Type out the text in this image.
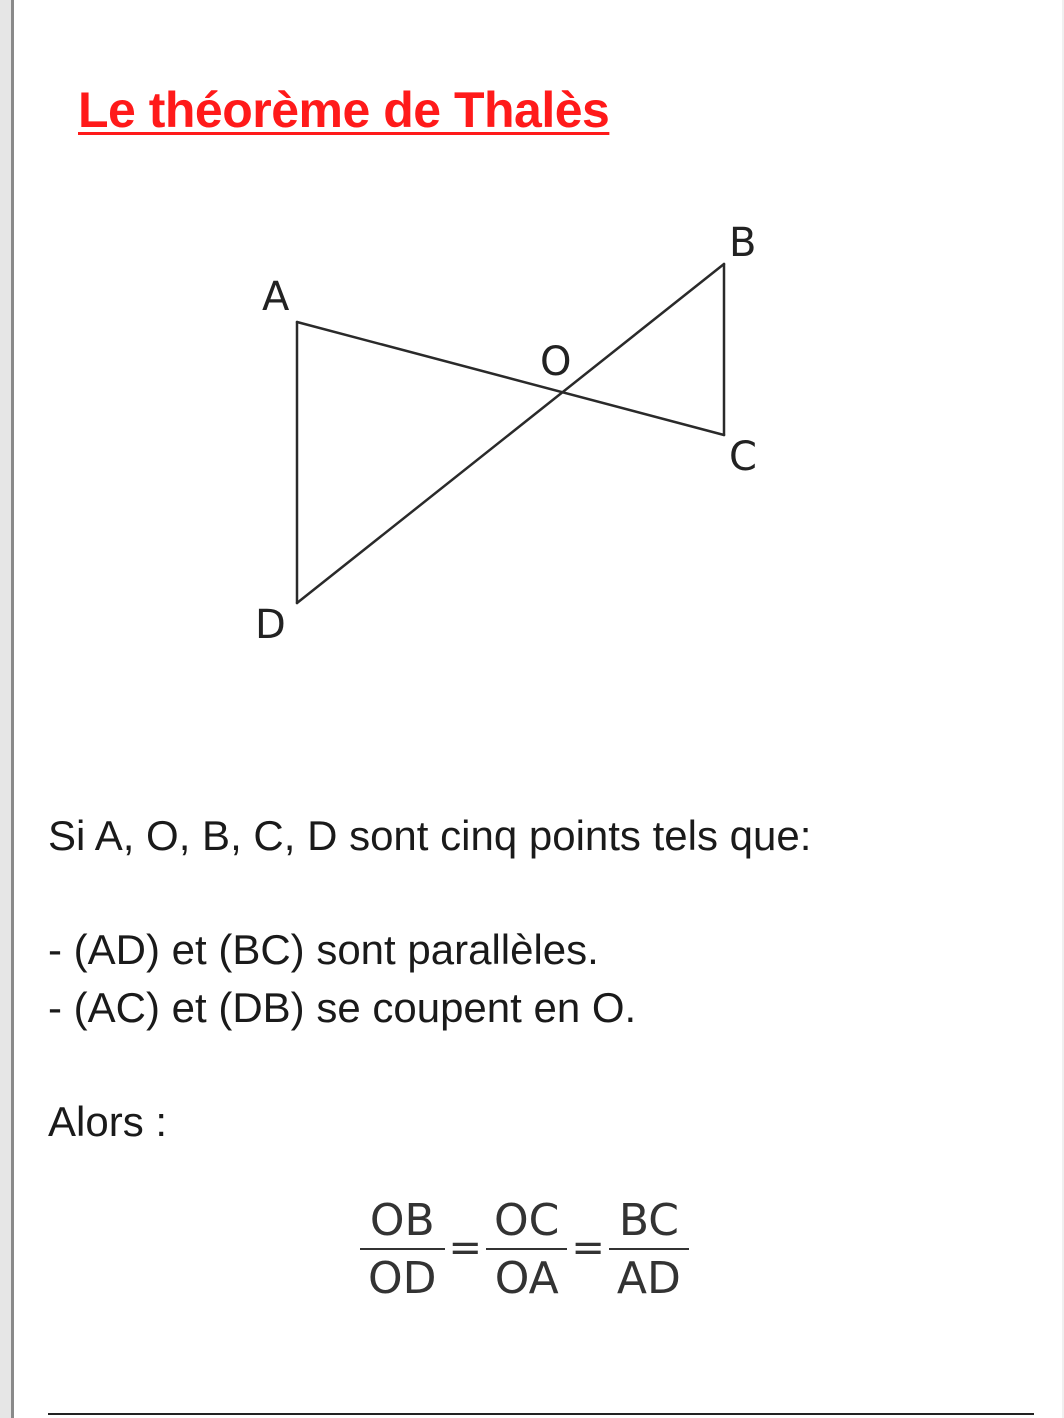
Le théorème de Thalès
A
B
C
D
O

Si A, O, B, C, D sont cinq points tels que:

- (AD) et (BC) sont parallèles.

- (AC) et (DB) se coupent en O.

Alors :

$\frac{OB}{OD} = \frac{OC}{OA} = \frac{BC}{AD}$
